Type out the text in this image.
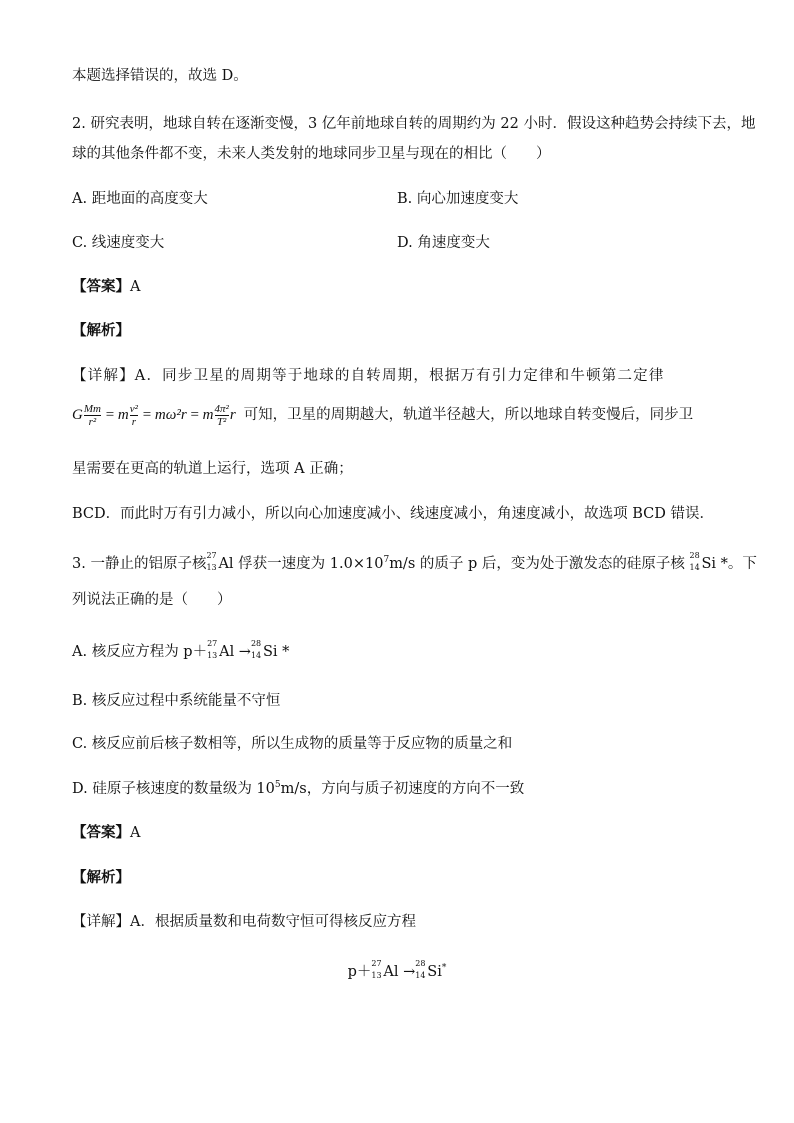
本题选择错误的，故选 D。
2. 研究表明，地球自转在逐渐变慢，3 亿年前地球自转的周期约为 22 小时．假设这种趋势会持续下去，地
球的其他条件都不变，未来人类发射的地球同步卫星与现在的相比（　　）
A. 距地面的高度变大	B. 向心加速度变大
C. 线速度变大	D. 角速度变大
【答案】A
【解析】
【详解】A．同步卫星的周期等于地球的自转周期，根据万有引力定律和牛顿第二定律
G $\frac{Mm}{\text{r²}} = m \frac{\text{v²}}{r} = m\omega^2r = m \frac{\text{4π²}}{\text{T²}}$ r 可知，卫星的周期越大，轨道半径越大，所以地球自转变慢后，同步卫
星需要在更高的轨道上运行，选项 A 正确；
BCD．而此时万有引力减小，所以向心加速度减小、线速度减小，角速度减小，故选项 BCD 错误．
3. 一静止的铝原子核
27
13 Al 俘获一速度为 $1.0\times 10^7m/s$ 的质子 p 后，变为处于激发态的硅原子核
28
14 Si *。下
列说法正确的是（　　）
A. 核反应方程为 p＋
27
13 Al →
28
14 Si *
B. 核反应过程中系统能量不守恒
C. 核反应前后核子数相等，所以生成物的质量等于反应物的质量之和
D. 硅原子核速度的数量级为 $10^5m/s$，方向与质子初速度的方向不一致
【答案】A
【解析】
【详解】A．根据质量数和电荷数守恒可得核反应方程
p＋
27
13 Al →
28
14 Si*
